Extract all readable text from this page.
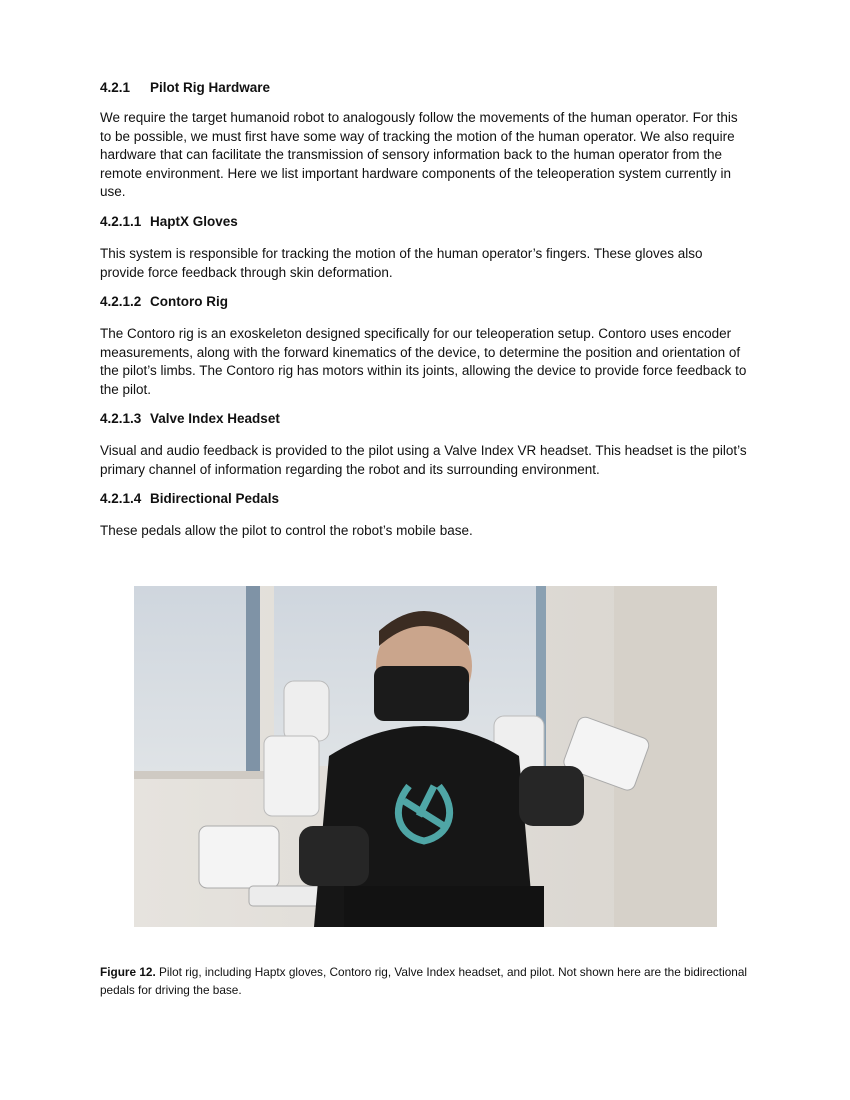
4.2.1 Pilot Rig Hardware

We require the target humanoid robot to analogously follow the movements of the human operator. For this to be possible, we must first have some way of tracking the motion of the human operator. We also require hardware that can facilitate the transmission of sensory information back to the human operator from the remote environment. Here we list important hardware components of the teleoperation system currently in use.

4.2.1.1 HaptX Gloves

This system is responsible for tracking the motion of the human operator’s fingers. These gloves also provide force feedback through skin deformation.

4.2.1.2 Contoro Rig

The Contoro rig is an exoskeleton designed specifically for our teleoperation setup. Contoro uses encoder measurements, along with the forward kinematics of the device, to determine the position and orientation of the pilot’s limbs. The Contoro rig has motors within its joints, allowing the device to provide force feedback to the pilot.

4.2.1.3 Valve Index Headset

Visual and audio feedback is provided to the pilot using a Valve Index VR headset. This headset is the pilot’s primary channel of information regarding the robot and its surrounding environment.

4.2.1.4 Bidirectional Pedals

These pedals allow the pilot to control the robot’s mobile base.

Figure 12. Pilot rig, including Haptx gloves, Contoro rig, Valve Index headset, and pilot. Not shown here are the bidirectional pedals for driving the base.
